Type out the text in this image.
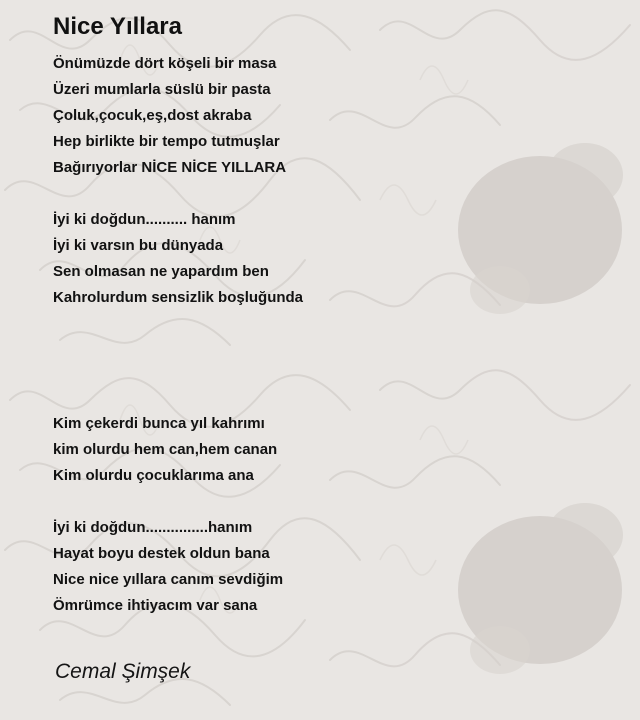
Nice Yıllara
Önümüzde dört köşeli bir masa
Üzeri mumlarla süslü bir pasta
Çoluk,çocuk,eş,dost akraba
Hep birlikte bir tempo tutmuşlar
Bağırıyorlar NİCE NİCE YILLARA
İyi ki doğdun.......... hanım
İyi ki varsın bu dünyada
Sen olmasan ne yapardım ben
Kahrolurdum sensizlik boşluğunda
Kim çekerdi bunca yıl kahrımı
kim olurdu hem can,hem canan
Kim olurdu çocuklarıma ana
İyi ki doğdun...............hanım
Hayat boyu destek oldun bana
Nice nice yıllara canım sevdiğim
Ömrümce ihtiyacım var sana

Cemal Şimşek
